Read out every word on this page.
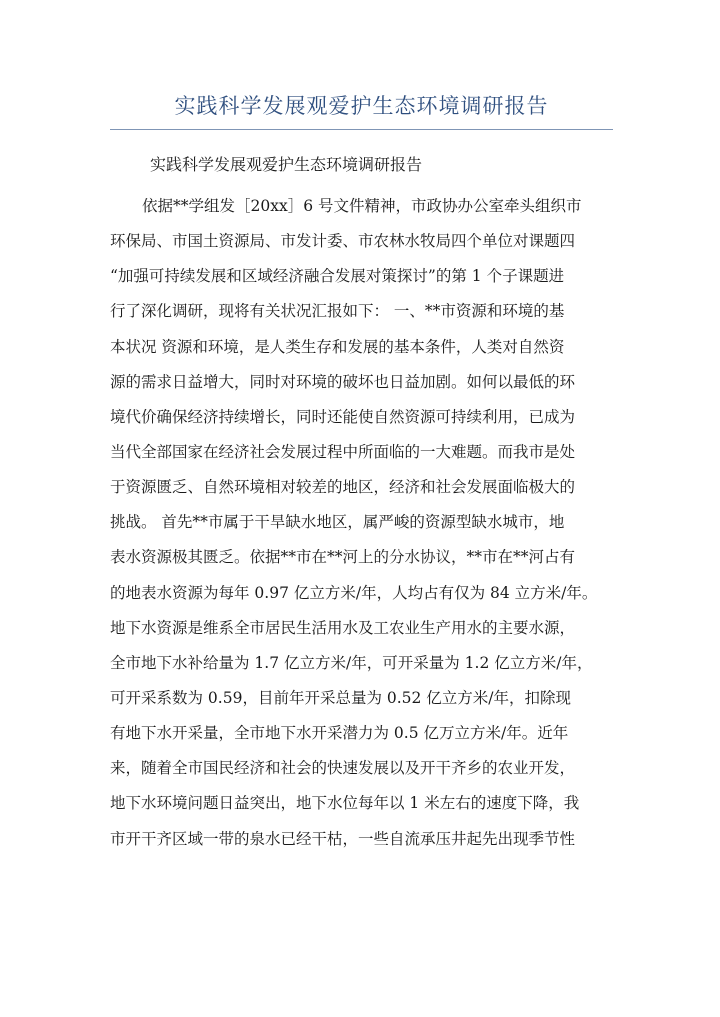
实践科学发展观爱护生态环境调研报告

实践科学发展观爱护生态环境调研报告

依据**学组发［20xx］6 号文件精神，市政协办公室牵头组织市
环保局、市国土资源局、市发计委、市农林水牧局四个单位对课题四
“加强可持续发展和区域经济融合发展对策探讨”的第 1 个子课题进
行了深化调研，现将有关状况汇报如下： 一、**市资源和环境的基
本状况 资源和环境，是人类生存和发展的基本条件，人类对自然资
源的需求日益增大，同时对环境的破坏也日益加剧。如何以最低的环
境代价确保经济持续增长，同时还能使自然资源可持续利用，已成为
当代全部国家在经济社会发展过程中所面临的一大难题。而我市是处
于资源匮乏、自然环境相对较差的地区，经济和社会发展面临极大的
挑战。 首先**市属于干旱缺水地区，属严峻的资源型缺水城市，地
表水资源极其匮乏。依据**市在**河上的分水协议，**市在**河占有
的地表水资源为每年 0.97 亿立方米/年，人均占有仅为 84 立方米/年。
地下水资源是维系全市居民生活用水及工农业生产用水的主要水源，
全市地下水补给量为 1.7 亿立方米/年，可开采量为 1.2 亿立方米/年，
可开采系数为 0.59，目前年开采总量为 0.52 亿立方米/年，扣除现
有地下水开采量，全市地下水开采潜力为 0.5 亿万立方米/年。近年
来，随着全市国民经济和社会的快速发展以及开干齐乡的农业开发，
地下水环境问题日益突出，地下水位每年以 1 米左右的速度下降，我
市开干齐区域一带的泉水已经干枯，一些自流承压井起先出现季节性
